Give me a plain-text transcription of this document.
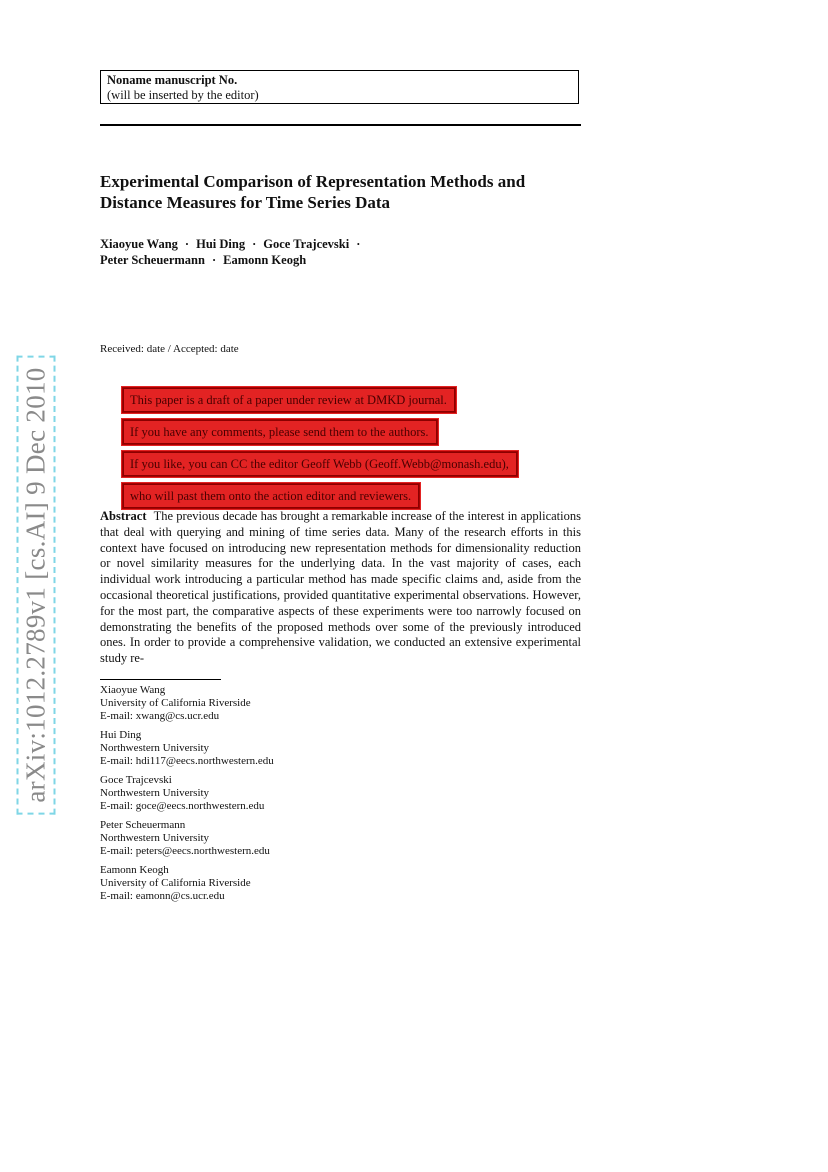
Noname manuscript No.
(will be inserted by the editor)
Experimental Comparison of Representation Methods and
Distance Measures for Time Series Data
Xiaoyue Wang · Hui Ding · Goce Trajcevski ·
Peter Scheuermann · Eamonn Keogh
Received: date / Accepted: date
This paper is a draft of a paper under review at DMKD journal.
If you have any comments, please send them to the authors.
If you like, you can CC the editor Geoff Webb (Geoff.Webb@monash.edu),
who will past them onto the action editor and reviewers.
Abstract The previous decade has brought a remarkable increase of the interest in applications that deal with querying and mining of time series data. Many of the research efforts in this context have focused on introducing new representation methods for dimensionality reduction or novel similarity measures for the underlying data. In the vast majority of cases, each individual work introducing a particular method has made specific claims and, aside from the occasional theoretical justifications, provided quantitative experimental observations. However, for the most part, the comparative aspects of these experiments were too narrowly focused on demonstrating the benefits of the proposed methods over some of the previously introduced ones. In order to provide a comprehensive validation, we conducted an extensive experimental study re-
Xiaoyue Wang
University of California Riverside
E-mail: xwang@cs.ucr.edu
Hui Ding
Northwestern University
E-mail: hdi117@eecs.northwestern.edu
Goce Trajcevski
Northwestern University
E-mail: goce@eecs.northwestern.edu
Peter Scheuermann
Northwestern University
E-mail: peters@eecs.northwestern.edu
Eamonn Keogh
University of California Riverside
E-mail: eamonn@cs.ucr.edu
arXiv:1012.2789v1 [cs.AI] 9 Dec 2010
